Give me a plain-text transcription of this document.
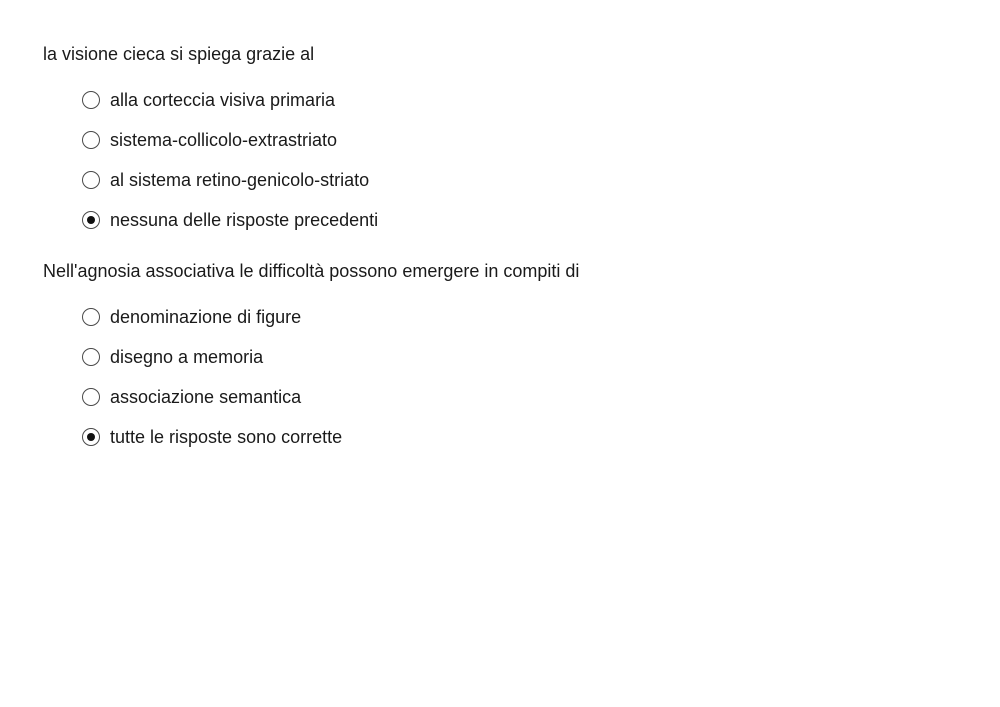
la visione cieca si spiega grazie al
alla corteccia visiva primaria
sistema-collicolo-extrastriato
al sistema retino-genicolo-striato
nessuna delle risposte precedenti
Nell'agnosia associativa le difficoltà possono emergere in compiti di
denominazione di figure
disegno a memoria
associazione semantica
tutte le risposte sono corrette
